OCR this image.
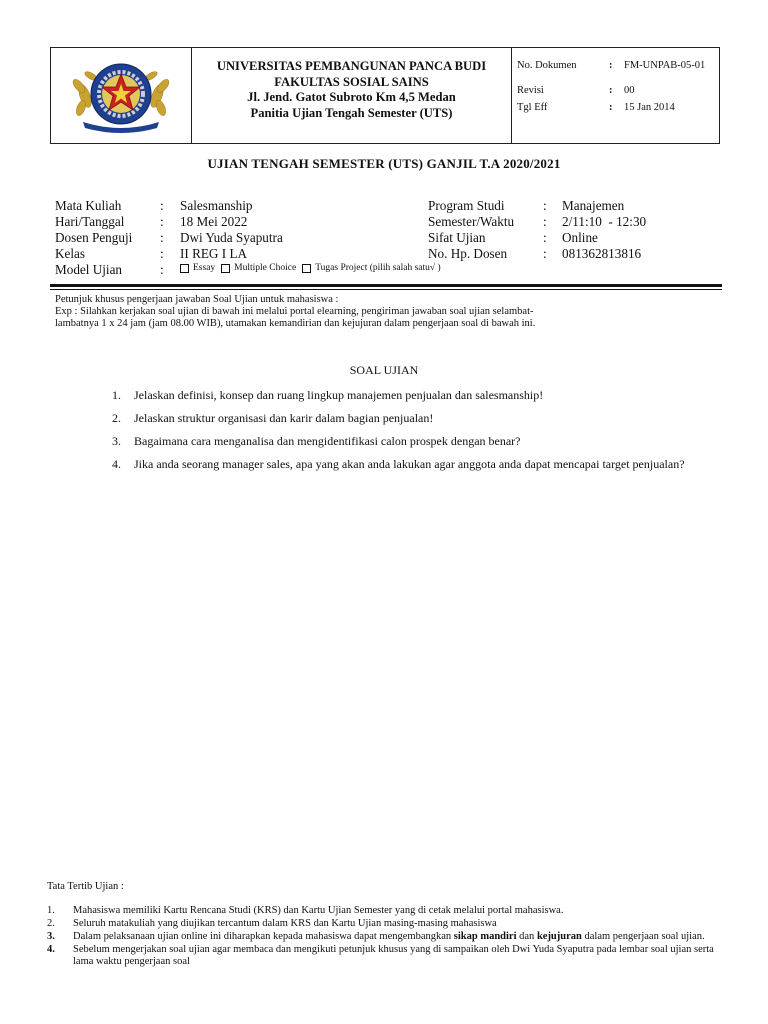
UNIVERSITAS PEMBANGUNAN PANCA BUDI
FAKULTAS SOSIAL SAINS
Jl. Jend. Gatot Subroto Km 4,5 Medan
Panitia Ujian Tengah Semester (UTS)
No. Dokumen	: FM-UNPAB-05-01
Revisi	: 00
Tgl Eff	: 15 Jan 2014
UJIAN TENGAH SEMESTER (UTS) GANJIL T.A 2020/2021
Mata Kuliah	: Salesmanship
Hari/Tanggal	: 18 Mei 2022
Dosen Penguji : Dwi Yuda Syaputra
Kelas	: II REG I LA
Model Ujian	:	Essay Multiple Choice Tugas Project (pilih salah satu√ )
Program Studi	: Manajemen
Semester/Waktu : 2/11:10  - 12:30
Sifat Ujian	: Online
No. Hp. Dosen	: 081362813816
Petunjuk khusus pengerjaan jawaban Soal Ujian untuk mahasiswa :
Exp : Silahkan kerjakan soal ujian di bawah ini melalui portal elearning, pengiriman jawaban soal ujian selambat-
lambatnya 1 x 24 jam (jam 08.00 WIB), utamakan kemandirian dan kejujuran dalam pengerjaan soal di bawah ini.
SOAL UJIAN
1. Jelaskan definisi, konsep dan ruang lingkup manajemen penjualan dan salesmanship!
2. Jelaskan struktur organisasi dan karir dalam bagian penjualan!
3. Bagaimana cara menganalisa dan mengidentifikasi calon prospek dengan benar?
4. Jika anda seorang manager sales, apa yang akan anda lakukan agar anggota anda dapat mencapai target penjualan?
Tata Tertib Ujian :
1. Mahasiswa memiliki Kartu Rencana Studi (KRS) dan Kartu Ujian Semester yang di cetak melalui portal mahasiswa.
2. Seluruh matakuliah yang diujikan tercantum dalam KRS dan Kartu Ujian masing-masing mahasiswa
3. Dalam pelaksanaan ujian online ini diharapkan kepada mahasiswa dapat mengembangkan sikap mandiri dan kejujuran dalam pengerjaan soal ujian.
4. Sebelum mengerjakan soal ujian agar membaca dan mengikuti petunjuk khusus yang di sampaikan oleh Dwi Yuda Syaputra pada lembar soal ujian serta lama waktu pengerjaan soal
